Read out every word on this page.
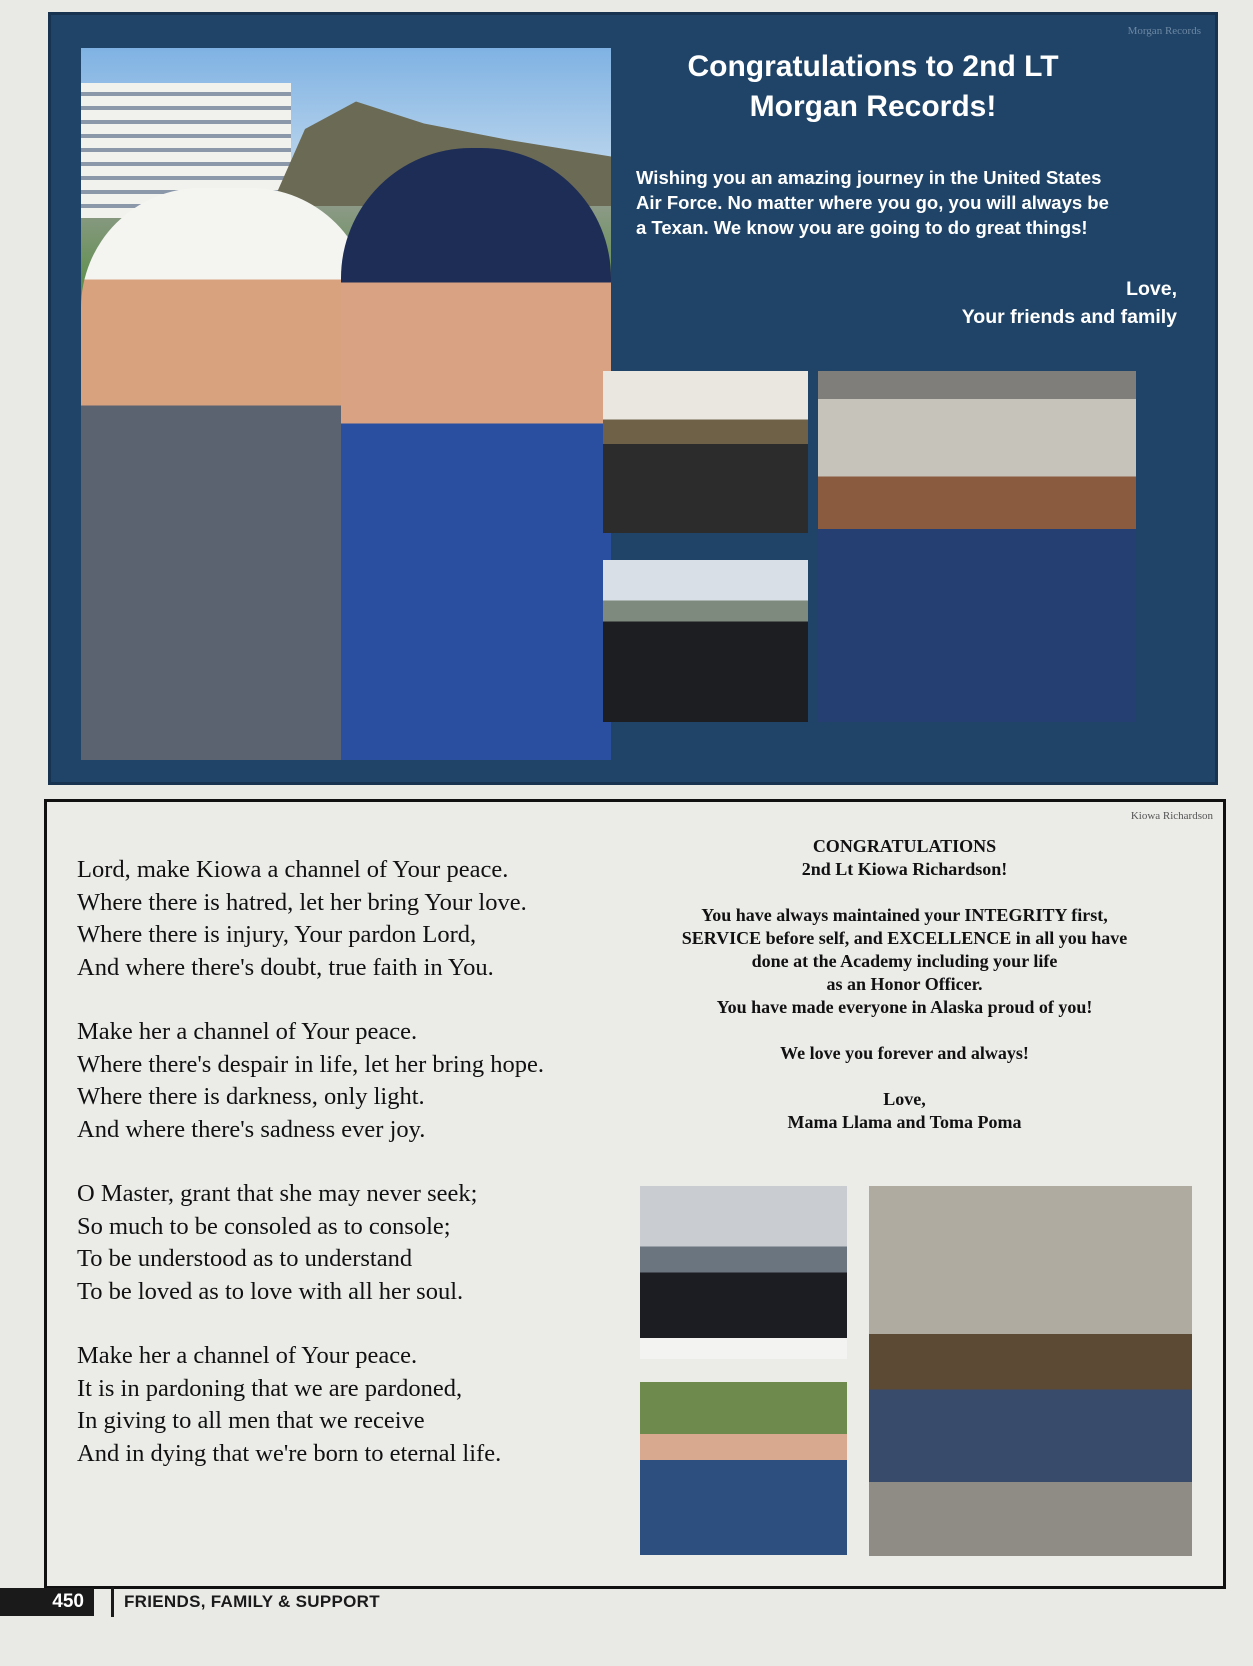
Morgan Records
Congratulations to 2nd LT
Morgan Records!
Wishing you an amazing journey in the United States
Air Force. No matter where you go, you will always be
a Texan. We know you are going to do great things!
Love,
Your friends and family
Kiowa Richardson
Lord, make Kiowa a channel of Your peace.
Where there is hatred, let her bring Your love.
Where there is injury, Your pardon Lord,
And where there's doubt, true faith in You.
Make her a channel of Your peace.
Where there's despair in life, let her bring hope.
Where there is darkness, only light.
And where there's sadness ever joy.
O Master, grant that she may never seek;
So much to be consoled as to console;
To be understood as to understand
To be loved as to love with all her soul.
Make her a channel of Your peace.
It is in pardoning that we are pardoned,
In giving to all men that we receive
And in dying that we're born to eternal life.

CONGRATULATIONS

2nd Lt Kiowa Richardson!

You have always maintained your INTEGRITY first,

SERVICE before self, and EXCELLENCE in all you have

done at the Academy including your life

as an Honor Officer.

You have made everyone in Alaska proud of you!

We love you forever and always!

Love,

Mama Llama and Toma Poma

450	FRIENDS, FAMILY & SUPPORT
